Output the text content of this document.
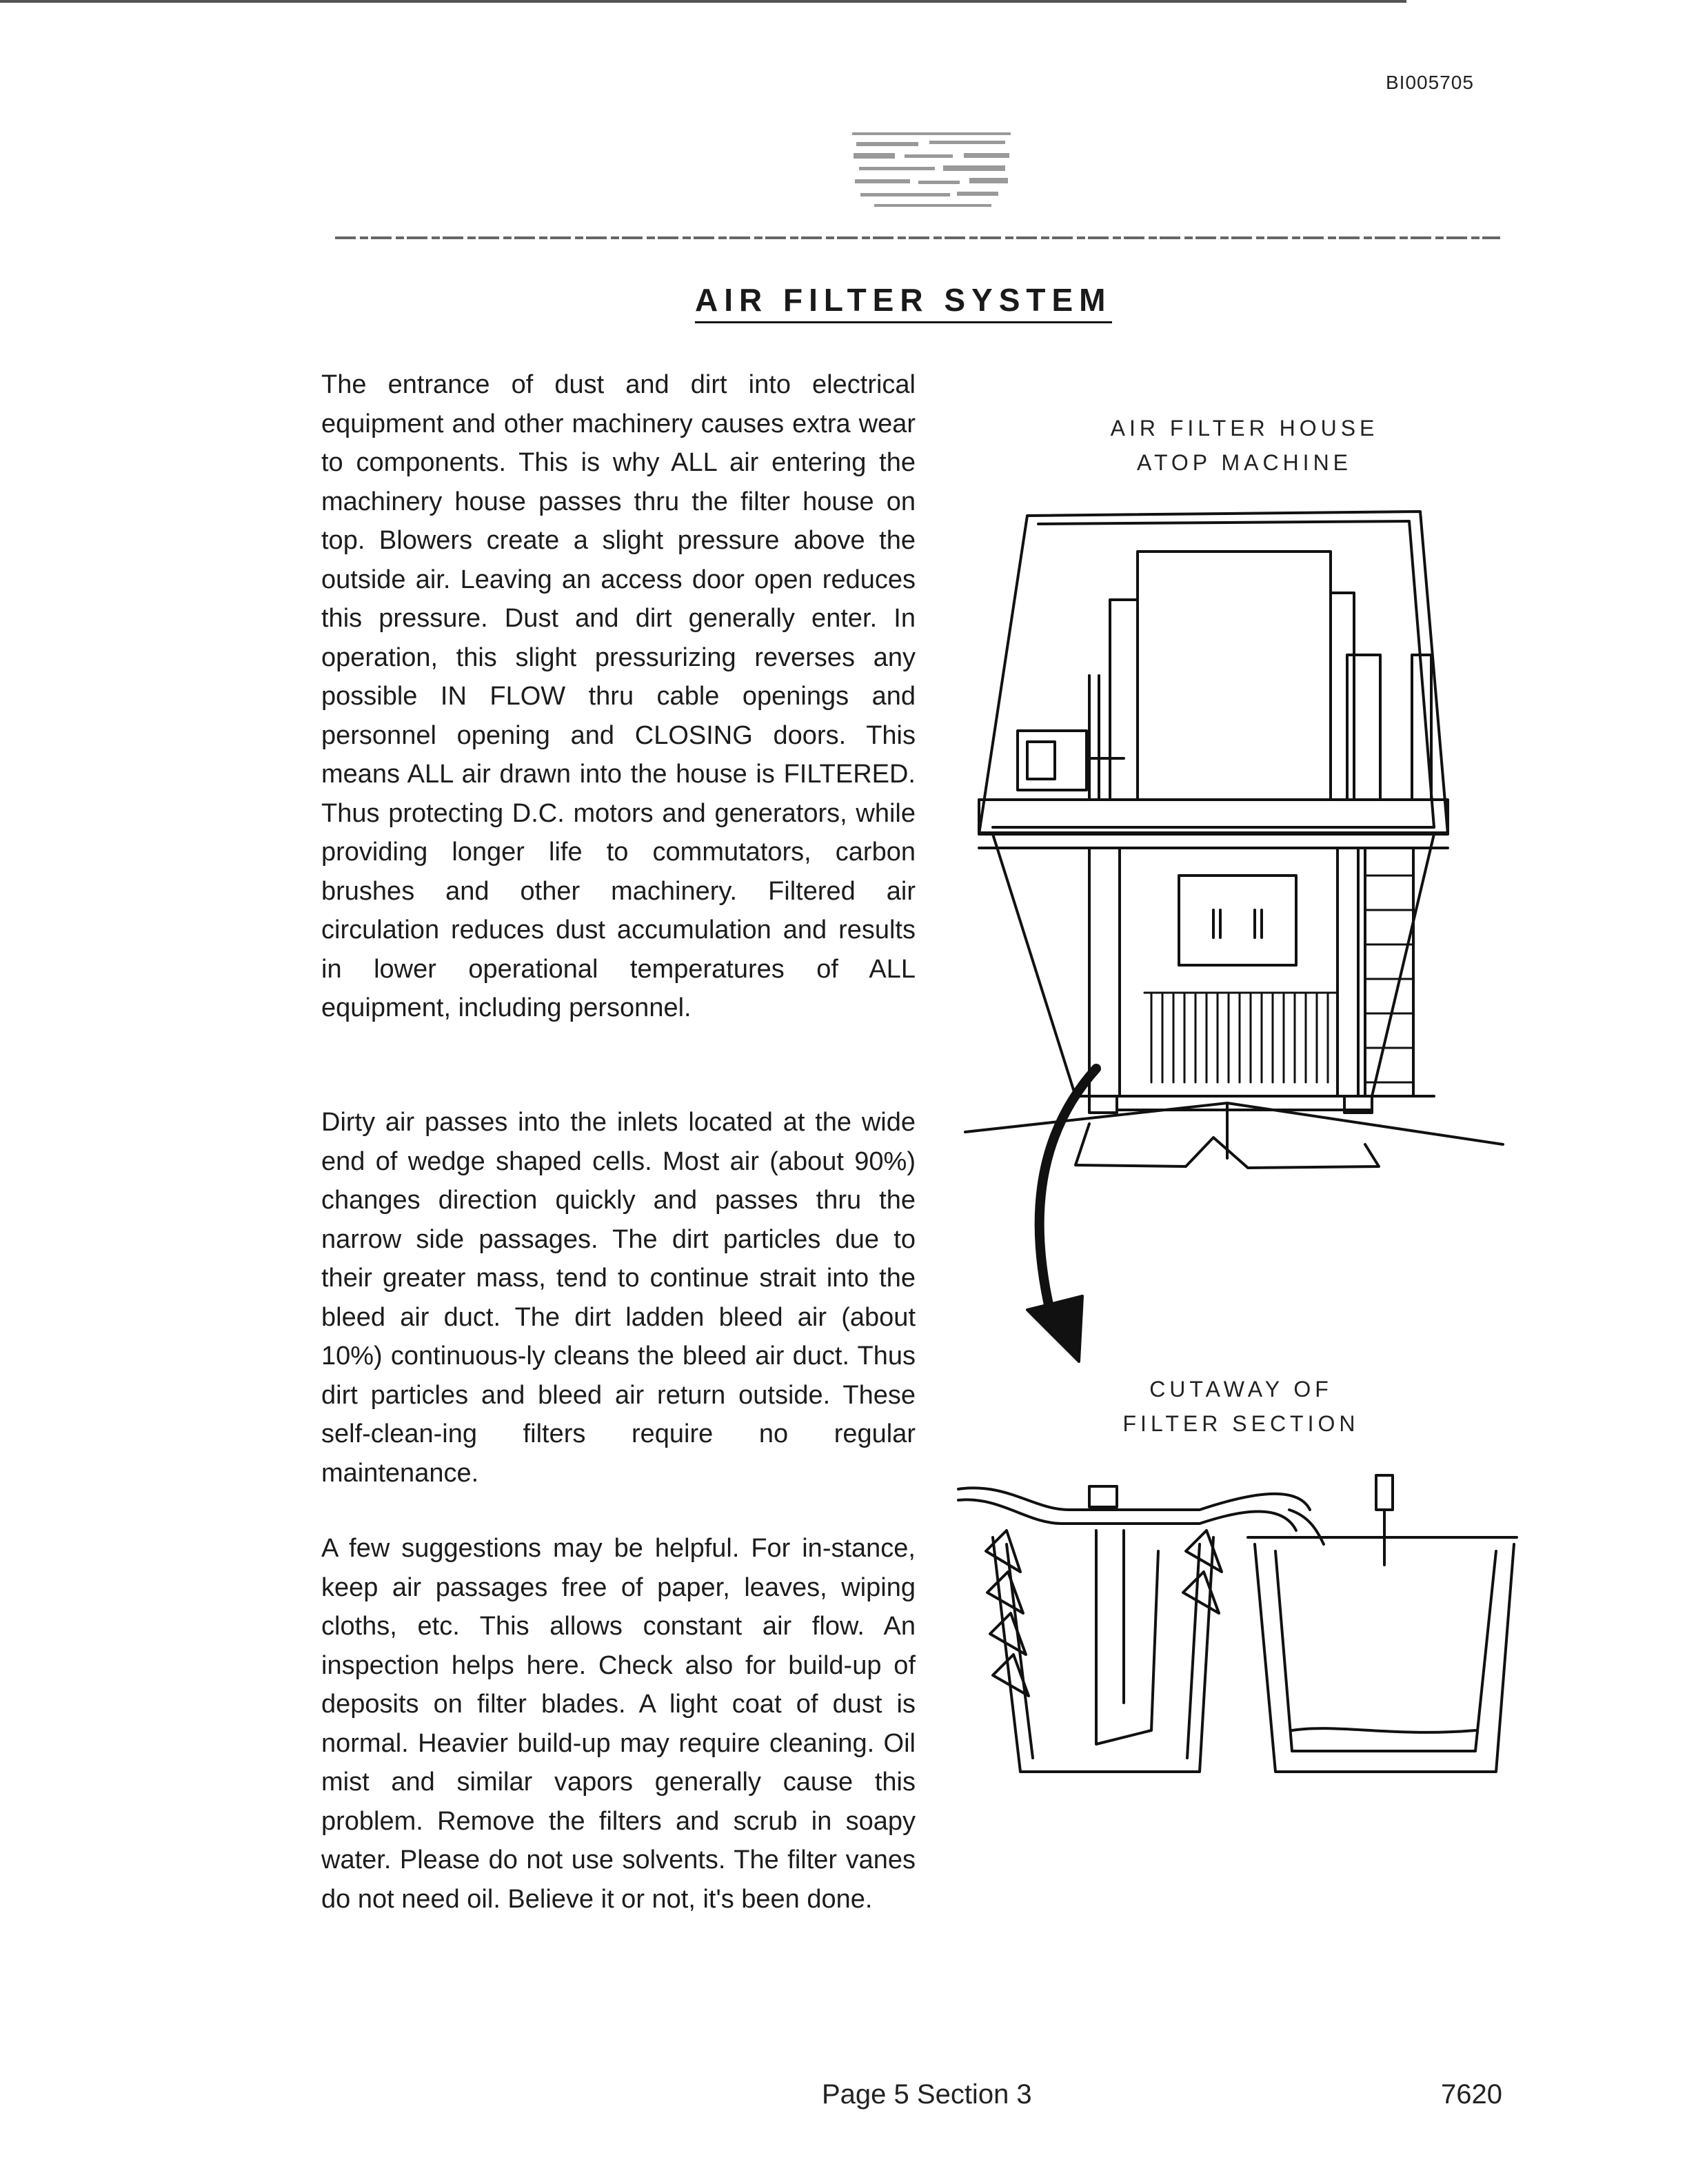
BI005705
AIR FILTER SYSTEM
The entrance of dust and dirt into electrical equipment and other machinery causes extra wear to components. This is why ALL air entering the machinery house passes thru the filter house on top. Blowers create a slight pressure above the outside air. Leaving an access door open reduces this pressure. Dust and dirt generally enter. In operation, this slight pressurizing reverses any possible IN FLOW thru cable openings and personnel opening and CLOSING doors. This means ALL air drawn into the house is FILTERED. Thus protecting D.C. motors and generators, while providing longer life to commutators, carbon brushes and other machinery. Filtered air circulation reduces dust accumulation and results in lower operational temperatures of ALL equipment, including personnel.
Dirty air passes into the inlets located at the wide end of wedge shaped cells. Most air (about 90%) changes direction quickly and passes thru the narrow side passages. The dirt particles due to their greater mass, tend to continue strait into the bleed air duct. The dirt ladden bleed air (about 10%) continuous-ly cleans the bleed air duct. Thus dirt particles and bleed air return outside. These self-clean-ing filters require no regular maintenance.
A few suggestions may be helpful. For in-stance, keep air passages free of paper, leaves, wiping cloths, etc. This allows constant air flow. An inspection helps here. Check also for build-up of deposits on filter blades. A light coat of dust is normal. Heavier build-up may require cleaning. Oil mist and similar vapors generally cause this problem. Remove the filters and scrub in soapy water. Please do not use solvents. The filter vanes do not need oil. Believe it or not, it's been done.
AIR FILTER HOUSE
ATOP MACHINE
CUTAWAY OF
FILTER SECTION
Page 5 Section 3	7620
